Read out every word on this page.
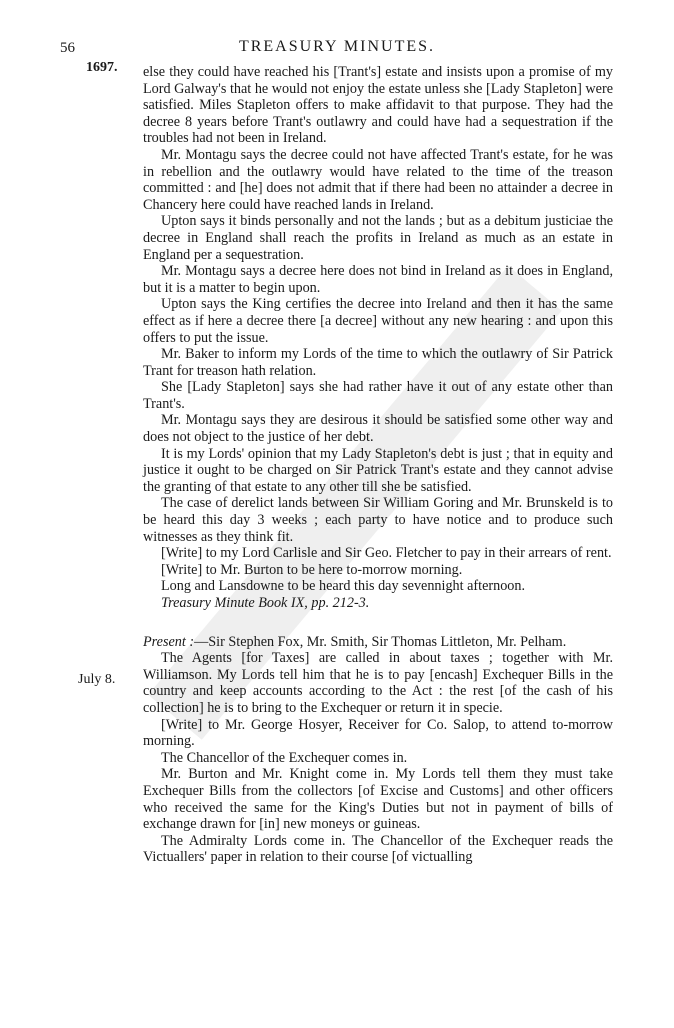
56	TREASURY MINUTES.
1697.
July 8.

else they could have reached his [Trant's] estate and insists upon a promise of my Lord Galway's that he would not enjoy the estate unless she [Lady Stapleton] were satisfied. Miles Stapleton offers to make affidavit to that purpose. They had the decree 8 years before Trant's outlawry and could have had a sequestration if the troubles had not been in Ireland.

Mr. Montagu says the decree could not have affected Trant's estate, for he was in rebellion and the outlawry would have related to the time of the treason committed : and [he] does not admit that if there had been no attainder a decree in Chancery here could have reached lands in Ireland.

Upton says it binds personally and not the lands ; but as a debitum justiciae the decree in England shall reach the profits in Ireland as much as an estate in England per a sequestration.

Mr. Montagu says a decree here does not bind in Ireland as it does in England, but it is a matter to begin upon.

Upton says the King certifies the decree into Ireland and then it has the same effect as if here a decree there [a decree] without any new hearing : and upon this offers to put the issue.

Mr. Baker to inform my Lords of the time to which the outlawry of Sir Patrick Trant for treason hath relation.

She [Lady Stapleton] says she had rather have it out of any estate other than Trant's.

Mr. Montagu says they are desirous it should be satisfied some other way and does not object to the justice of her debt.

It is my Lords' opinion that my Lady Stapleton's debt is just ; that in equity and justice it ought to be charged on Sir Patrick Trant's estate and they cannot advise the granting of that estate to any other till she be satisfied.

The case of derelict lands between Sir William Goring and Mr. Brunskeld is to be heard this day 3 weeks ; each party to have notice and to produce such witnesses as they think fit.

[Write] to my Lord Carlisle and Sir Geo. Fletcher to pay in their arrears of rent.

[Write] to Mr. Burton to be here to-morrow morning.

Long and Lansdowne to be heard this day sevennight afternoon.

Treasury Minute Book IX, pp. 212-3.

Present :—Sir Stephen Fox, Mr. Smith, Sir Thomas Littleton, Mr. Pelham.

The Agents [for Taxes] are called in about taxes ; together with Mr. Williamson. My Lords tell him that he is to pay [encash] Exchequer Bills in the country and keep accounts according to the Act : the rest [of the cash of his collection] he is to bring to the Exchequer or return it in specie.

[Write] to Mr. George Hosyer, Receiver for Co. Salop, to attend to-morrow morning.

The Chancellor of the Exchequer comes in.

Mr. Burton and Mr. Knight come in. My Lords tell them they must take Exchequer Bills from the collectors [of Excise and Customs] and other officers who received the same for the King's Duties but not in payment of bills of exchange drawn for [in] new moneys or guineas.

The Admiralty Lords come in. The Chancellor of the Exchequer reads the Victuallers' paper in relation to their course [of victualling
